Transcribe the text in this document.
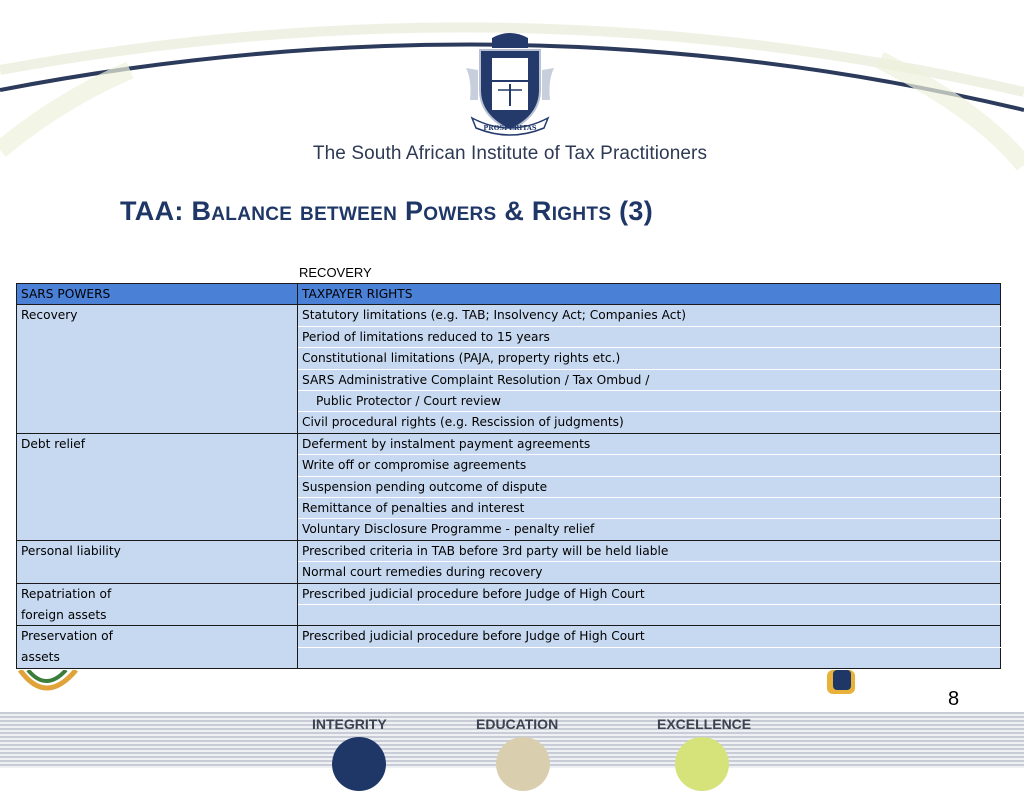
PROSPERITAS
The South African Institute of Tax Practitioners
TAA: Balance between Powers & Rights (3)
RECOVERY
SARS POWERS	TAXPAYER RIGHTS
Recovery	Statutory limitations (e.g. TAB; Insolvency Act; Companies Act)
	Period of limitations reduced to 15 years
	Constitutional limitations (PAJA, property rights etc.)
	SARS Administrative Complaint Resolution / Tax Ombud /
	Public Protector / Court review
	Civil procedural rights (e.g. Rescission of judgments)
Debt relief	Deferment by instalment payment agreements
	Write off or compromise agreements
	Suspension pending outcome of dispute
	Remittance of penalties and interest
	Voluntary Disclosure Programme - penalty relief
Personal liability	Prescribed criteria in TAB before 3rd party will be held liable
	Normal court remedies during recovery
Repatriation of	Prescribed judicial procedure before Judge of High Court
foreign assets	
Preservation of	Prescribed judicial procedure before Judge of High Court
assets	
8
INTEGRITY	EDUCATION	EXCELLENCE
